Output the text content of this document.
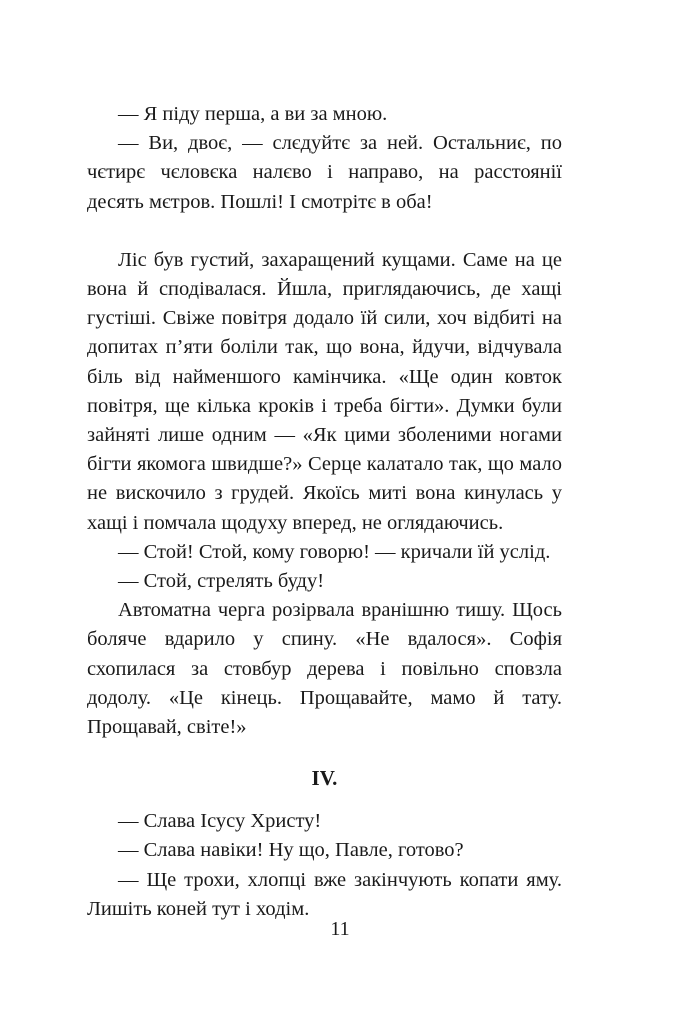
— Я піду перша, а ви за мною.

— Ви, двоє, — слєдуйтє за ней. Остальниє, по чєтирє чєловєка налєво і направо, на расстоянії десять мєтров. Пошлі! І смотрітє в оба!

Ліс був густий, захаращений кущами. Саме на це вона й сподівалася. Йшла, приглядаючись, де хащі густіші. Свіже повітря додало їй сили, хоч відбиті на допитах п’яти боліли так, що вона, йдучи, відчувала біль від найменшого камінчика. «Ще один ковток повітря, ще кілька кроків і треба бігти». Думки були зайняті лише одним — «Як цими зболеними ногами бігти якомога швидше?» Серце калатало так, що мало не вискочило з грудей. Якоїсь миті вона кинулась у хащі і помчала щодуху вперед, не оглядаючись.

— Стой! Стой, кому говорю! — кричали їй услід.

— Стой, стрелять буду!

Автоматна черга розірвала вранішню тишу. Щось боляче вдарило у спину. «Не вдалося». Софія схопилася за стовбур дерева і повільно сповзла додолу. «Це кінець. Прощавайте, мамо й тату. Прощавай, світе!»

IV.

— Слава Ісусу Христу!

— Слава навіки! Ну що, Павле, готово?

— Ще трохи, хлопці вже закінчують копати яму. Лишіть коней тут і ходім.

11
